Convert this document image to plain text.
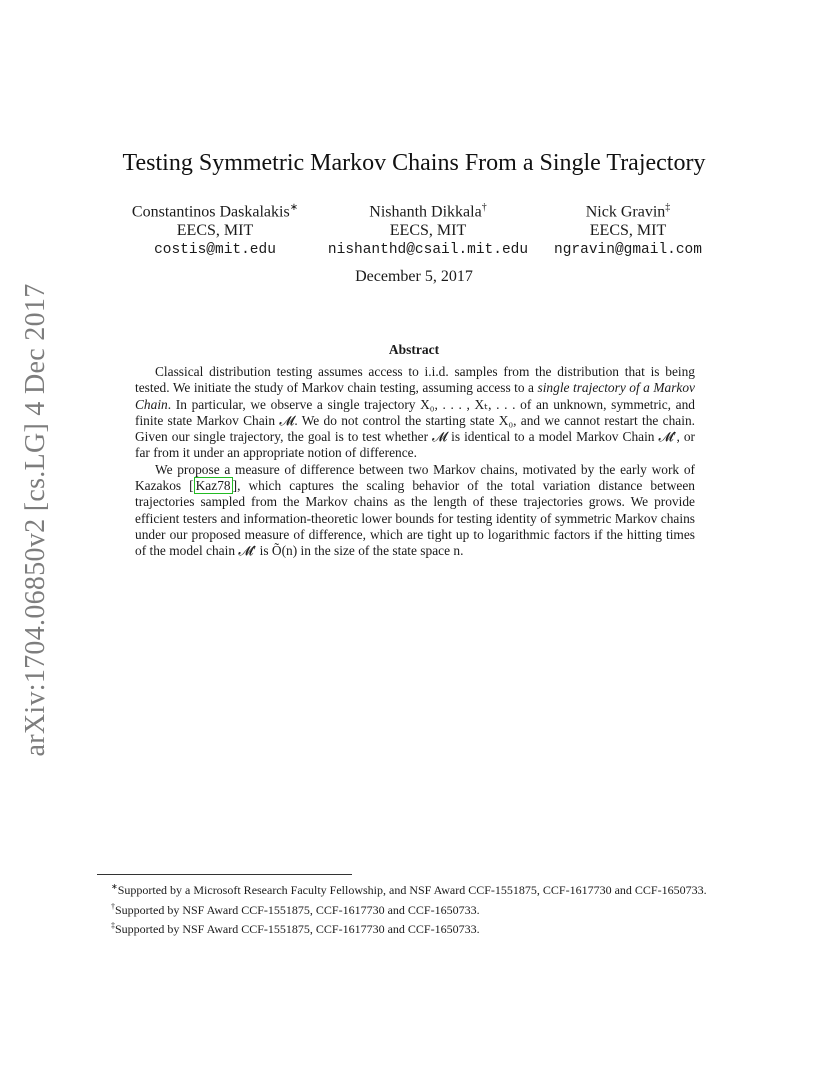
arXiv:1704.06850v2 [cs.LG] 4 Dec 2017
Testing Symmetric Markov Chains From a Single Trajectory
Constantinos Daskalakis∗
EECS, MIT
costis@mit.edu
Nishanth Dikkala†
EECS, MIT
nishanthd@csail.mit.edu
Nick Gravin‡
EECS, MIT
ngravin@gmail.com
December 5, 2017
Abstract

Classical distribution testing assumes access to i.i.d. samples from the distribution that is being tested. We initiate the study of Markov chain testing, assuming access to a single trajectory of a Markov Chain. In particular, we observe a single trajectory X₀, . . . , Xₜ, . . . of an unknown, symmetric, and finite state Markov Chain 𝓜. We do not control the starting state X₀, and we cannot restart the chain. Given our single trajectory, the goal is to test whether 𝓜 is identical to a model Markov Chain 𝓜′, or far from it under an appropriate notion of difference.

We propose a measure of difference between two Markov chains, motivated by the early work of Kazakos [ Kaz78 ], which captures the scaling behavior of the total variation distance between trajectories sampled from the Markov chains as the length of these trajectories grows. We provide efficient testers and information-theoretic lower bounds for testing identity of symmetric Markov chains under our proposed measure of difference, which are tight up to logarithmic factors if the hitting times of the model chain 𝓜′ is Õ(n) in the size of the state space n.

∗Supported by a Microsoft Research Faculty Fellowship, and NSF Award CCF-1551875, CCF-1617730 and CCF-1650733.

†Supported by NSF Award CCF-1551875, CCF-1617730 and CCF-1650733.

‡Supported by NSF Award CCF-1551875, CCF-1617730 and CCF-1650733.
